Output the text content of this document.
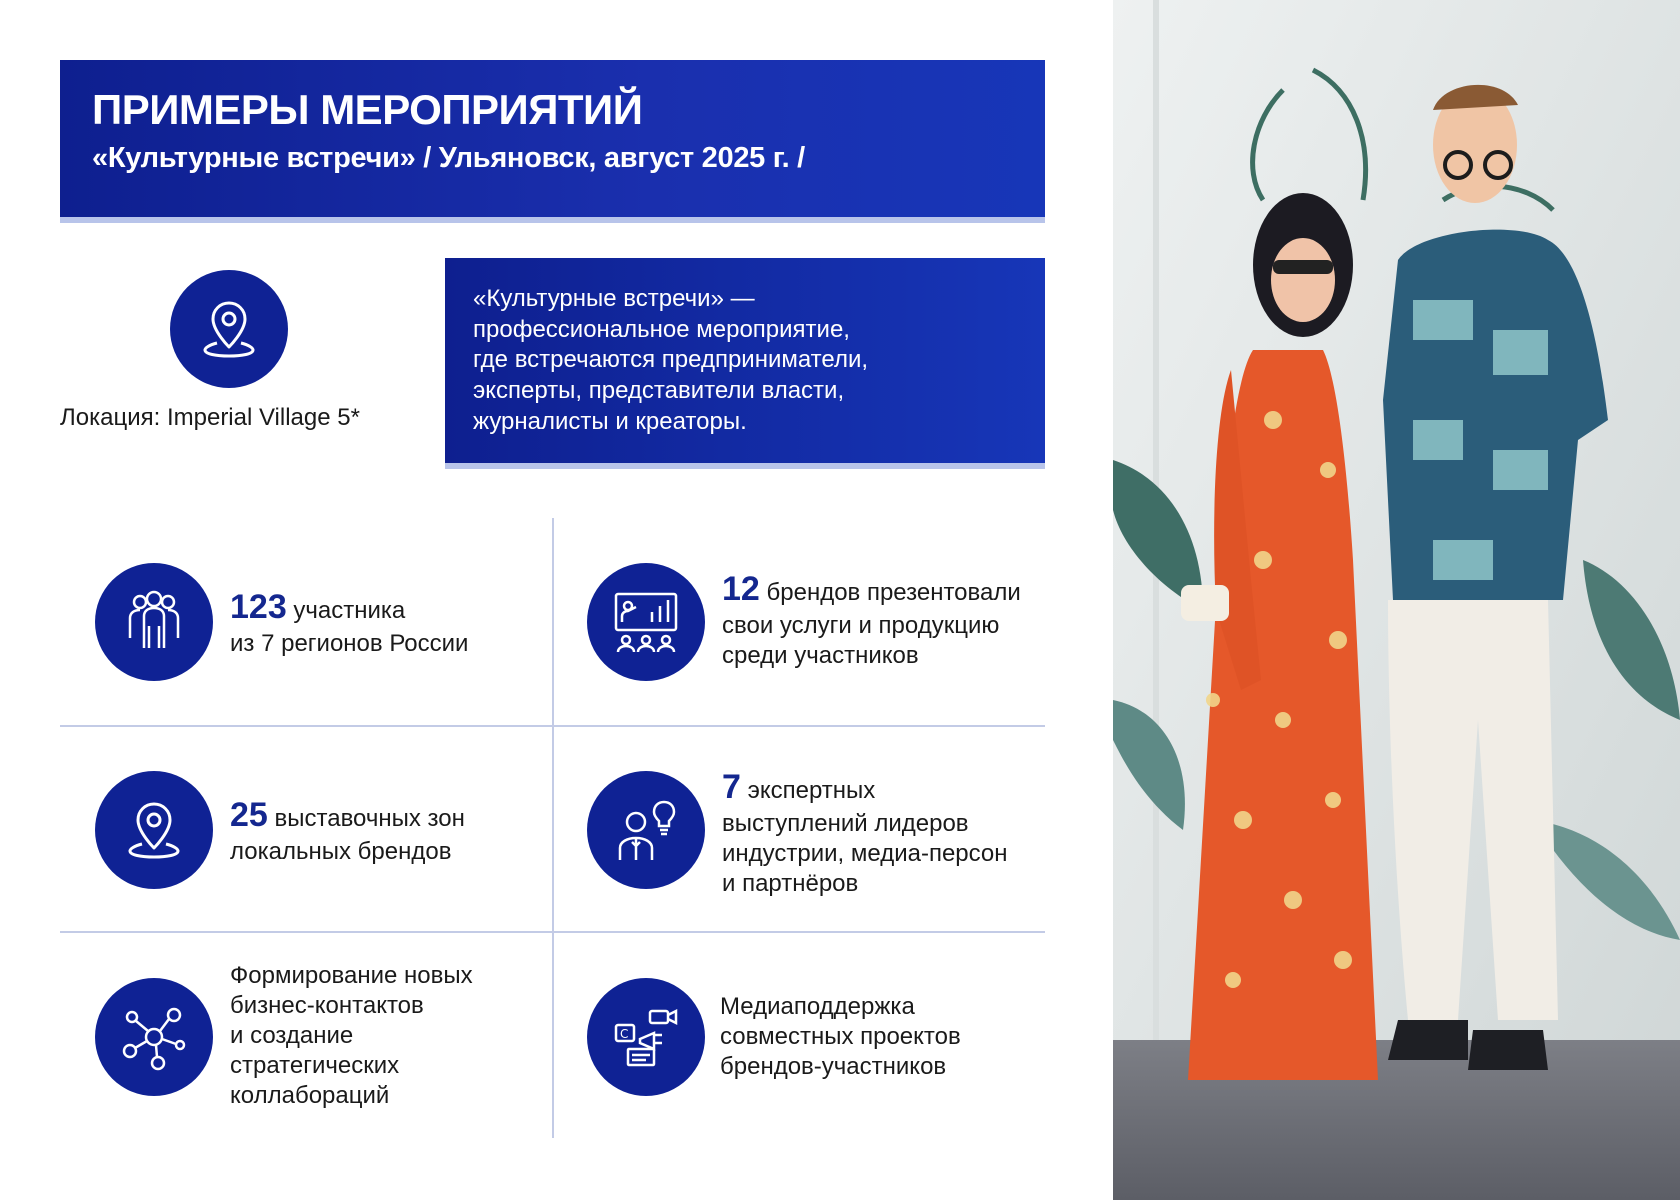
ПРИМЕРЫ МЕРОПРИЯТИЙ
«Культурные встречи» / Ульяновск, август 2025 г. /
Локация: Imperial Village 5*
«Культурные встречи» —
профессиональное мероприятие,
где встречаются предприниматели,
эксперты, представители власти,
журналисты и креаторы.
123 участника
из 7 регионов России
12 брендов презентовали
свои услуги и продукцию
среди участников
25 выставочных зон
локальных брендов
7 экспертных
выступлений лидеров
индустрии, медиа-персон
и партнёров
Формирование новых
бизнес-контактов
и создание
стратегических
коллабораций
C
Медиаподдержка
совместных проектов
брендов-участников
